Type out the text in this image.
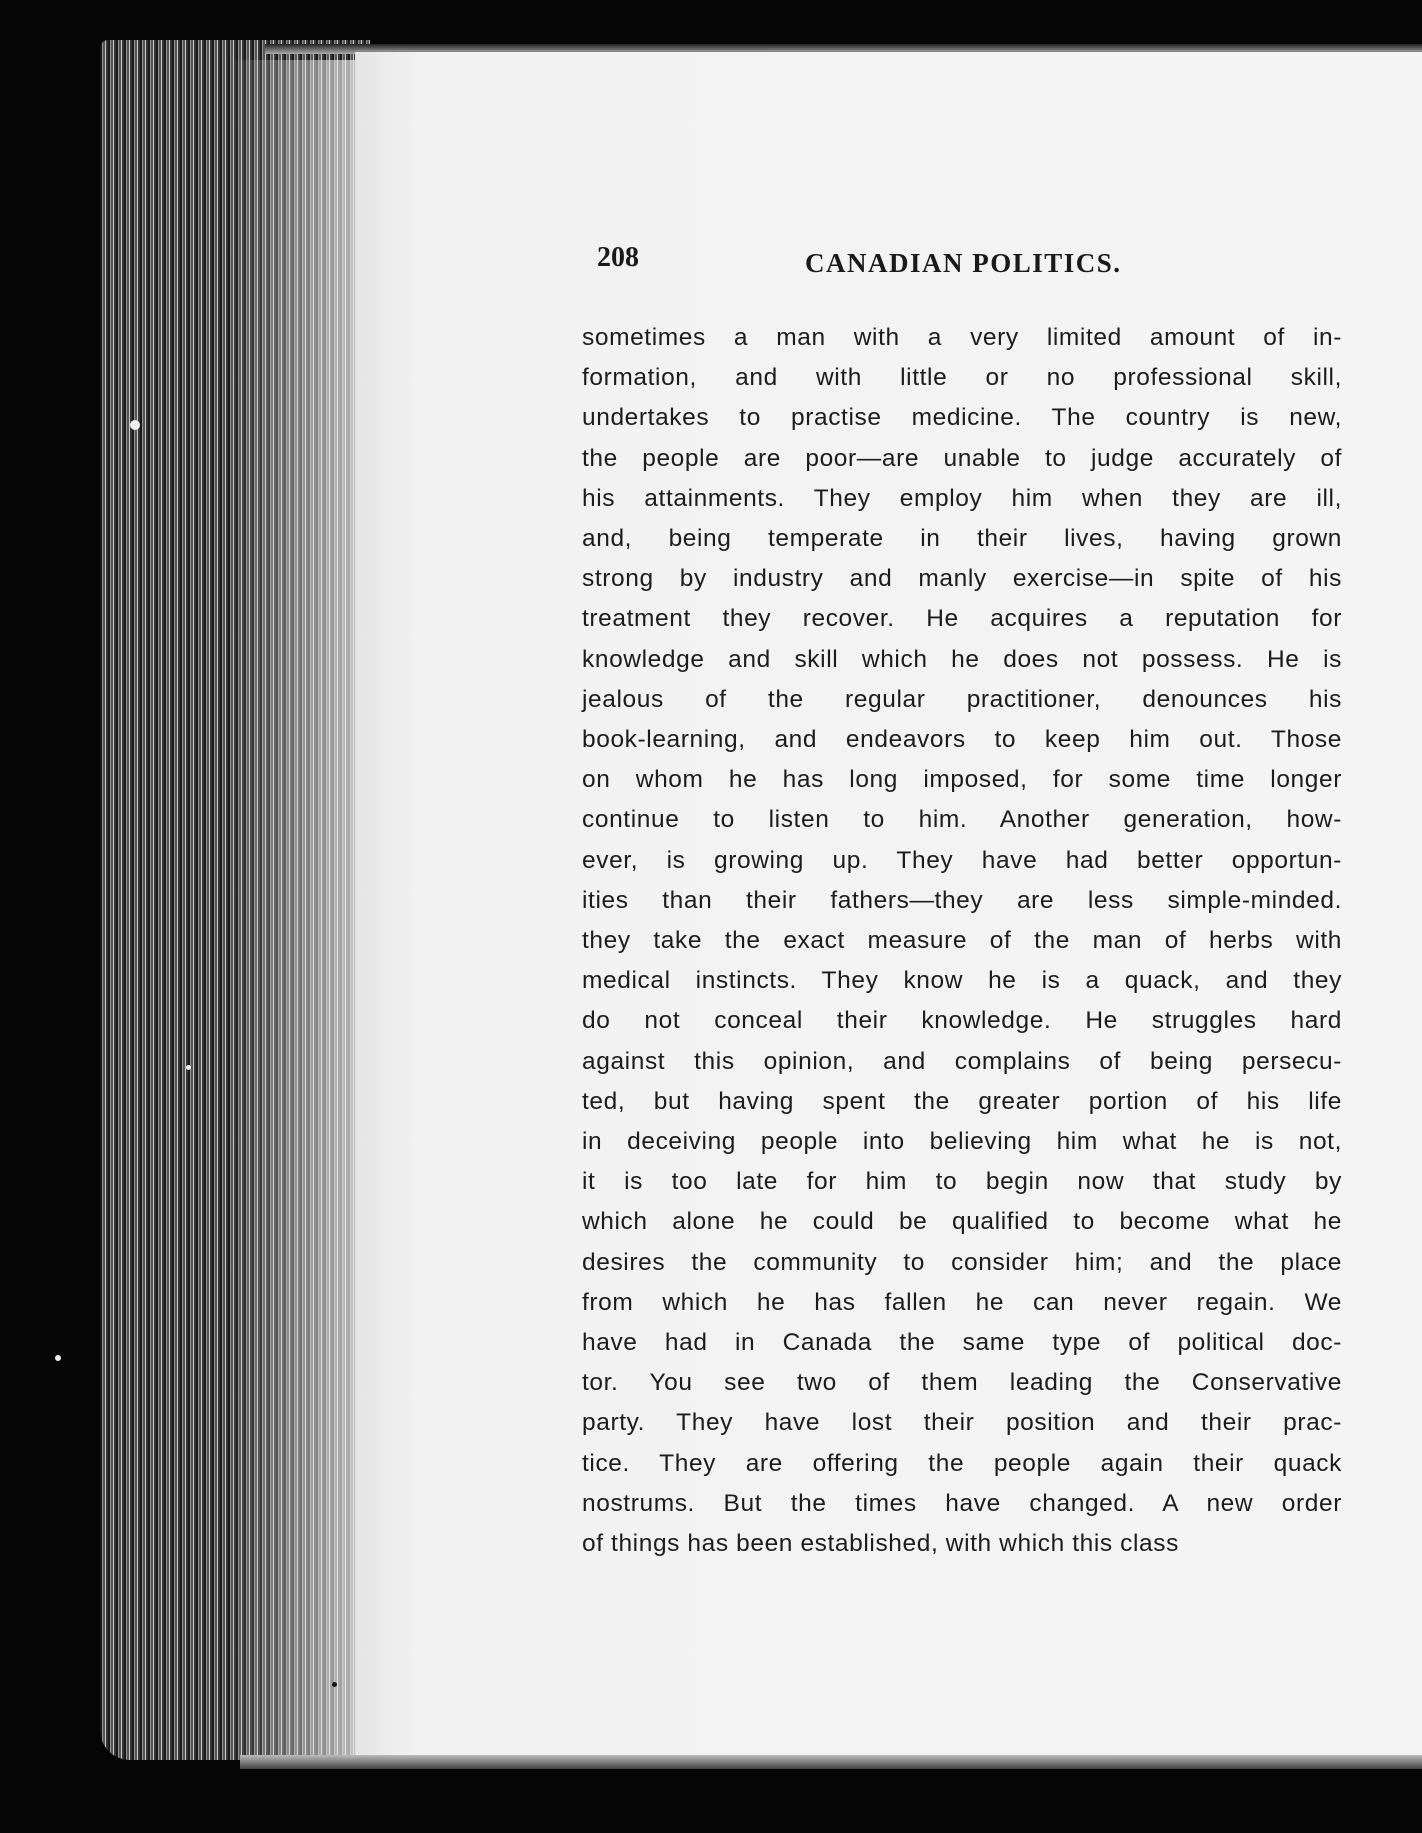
208	CANADIAN POLITICS.
sometimes a man with a very limited amount of in-
formation, and with little or no professional skill,
undertakes to practise medicine. The country is new,
the people are poor—are unable to judge accurately of
his attainments. They employ him when they are ill,
and, being temperate in their lives, having grown
strong by industry and manly exercise—in spite of his
treatment they recover. He acquires a reputation for
knowledge and skill which he does not possess. He is
jealous of the regular practitioner, denounces his
book-learning, and endeavors to keep him out. Those
on whom he has long imposed, for some time longer
continue to listen to him. Another generation, how-
ever, is growing up. They have had better opportun-
ities than their fathers—they are less simple-minded.
they take the exact measure of the man of herbs with
medical instincts. They know he is a quack, and they
do not conceal their knowledge. He struggles hard
against this opinion, and complains of being persecu-
ted, but having spent the greater portion of his life
in deceiving people into believing him what he is not,
it is too late for him to begin now that study by
which alone he could be qualified to become what he
desires the community to consider him; and the place
from which he has fallen he can never regain. We
have had in Canada the same type of political doc-
tor. You see two of them leading the Conservative
party. They have lost their position and their prac-
tice. They are offering the people again their quack
nostrums. But the times have changed. A new order
of things has been established, with which this class
